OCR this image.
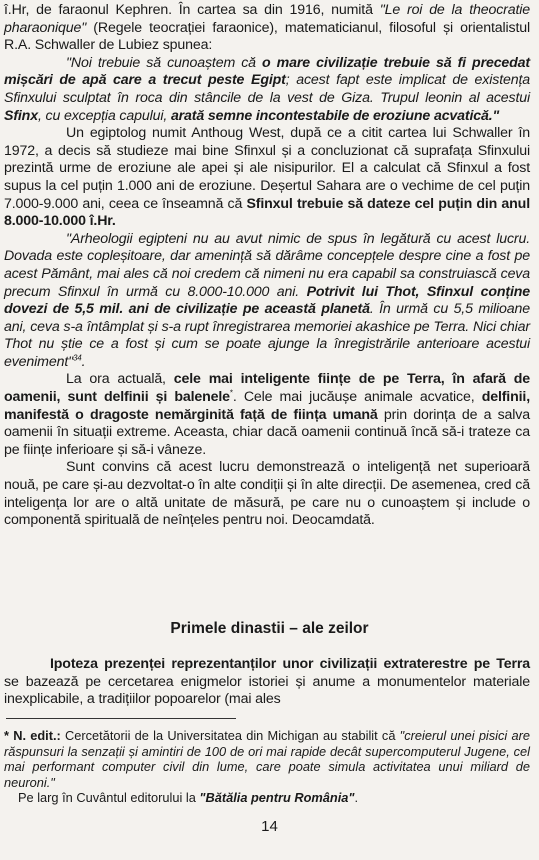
î.Hr, de faraonul Kephren. În cartea sa din 1916, numită "Le roi de la theocratie pharaonique" (Regele teocrației faraonice), matematicianul, filosoful și orientalistul R.A. Schwaller de Lubiez spunea:

"Noi trebuie să cunoaștem că o mare civilizație trebuie să fi precedat mișcări de apă care a trecut peste Egipt; acest fapt este implicat de existența Sfinxului sculptat în roca din stâncile de la vest de Giza. Trupul leonin al acestui Sfinx, cu excepția capului, arată semne incontestabile de eroziune acvatică."

Un egiptolog numit Anthoug West, după ce a citit cartea lui Schwaller în 1972, a decis să studieze mai bine Sfinxul și a concluzionat că suprafața Sfinxului prezintă urme de eroziune ale apei și ale nisipurilor. El a calculat că Sfinxul a fost supus la cel puțin 1.000 ani de eroziune. Deșertul Sahara are o vechime de cel puțin 7.000-9.000 ani, ceea ce înseamnă că Sfinxul trebuie să dateze cel puțin din anul 8.000-10.000 î.Hr.

"Arheologii egipteni nu au avut nimic de spus în legătură cu acest lucru. Dovada este copleșitoare, dar amenință să dărâme concepțele despre cine a fost pe acest Pământ, mai ales că noi credem că nimeni nu era capabil sa construiască ceva precum Sfinxul în urmă cu 8.000-10.000 ani. Potrivit lui Thot, Sfinxul conține dovezi de 5,5 mil. ani de civilizație pe această planetă. În urmă cu 5,5 milioane ani, ceva s-a întâmplat și s-a rupt înregistrarea memoriei akashice pe Terra. Nici chiar Thot nu știe ce a fost și cum se poate ajunge la înregistrările anterioare acestui eveniment"$^{34}$.

La ora actuală, cele mai inteligente ființe de pe Terra, în afară de oamenii, sunt delfinii și balenele*. Cele mai jucăușe animale acvatice, delfinii, manifestă o dragoste nemărginită față de ființa umană prin dorința de a salva oamenii în situații extreme. Aceasta, chiar dacă oamenii continuă încă să-i trateze ca pe ființe inferioare și să-i vâneze.

Sunt convins că acest lucru demonstrează o inteligență net superioară nouă, pe care și-au dezvoltat-o în alte condiții și în alte direcții. De asemenea, cred că inteligența lor are o altă unitate de măsură, pe care nu o cunoaștem și include o componentă spirituală de neînțeles pentru noi. Deocamdată.

Primele dinastii – ale zeilor

Ipoteza prezenței reprezentanților unor civilizații extraterestre pe Terra se bazează pe cercetarea enigmelor istoriei și anume a monumentelor materiale inexplicabile, a tradițiilor popoarelor (mai ales

* N. edit.: Cercetătorii de la Universitatea din Michigan au stabilit că "creierul unei pisici are răspunsuri la senzații și amintiri de 100 de ori mai rapide decât supercomputerul Jugene, cel mai performant computer civil din lume, care poate simula activitatea unui miliard de neuroni."

Pe larg în Cuvântul editorului la "Bătălia pentru România".

14
